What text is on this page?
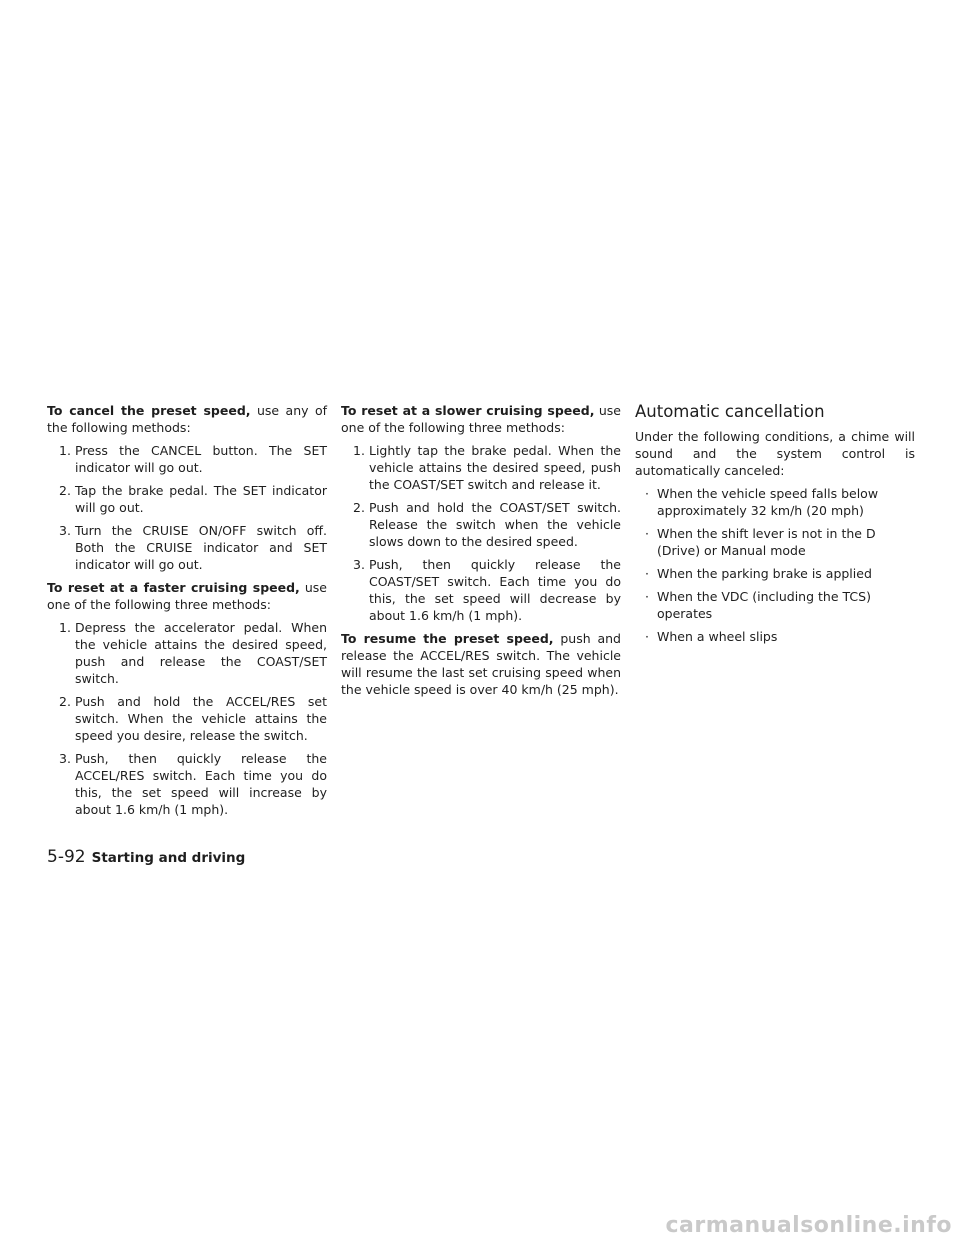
To cancel the preset speed, use any of the following methods:

1. Press the CANCEL button. The SET indicator will go out.
2. Tap the brake pedal. The SET indicator will go out.
3. Turn the CRUISE ON/OFF switch off. Both the CRUISE indicator and SET indicator will go out.

To reset at a faster cruising speed, use one of the following three methods:

1. Depress the accelerator pedal. When the vehicle attains the desired speed, push and release the COAST/SET switch.
2. Push and hold the ACCEL/RES set switch. When the vehicle attains the speed you desire, release the switch.
3. Push, then quickly release the ACCEL/RES switch. Each time you do this, the set speed will increase by about 1.6 km/h (1 mph).

To reset at a slower cruising speed, use one of the following three methods:

1. Lightly tap the brake pedal. When the vehicle attains the desired speed, push the COAST/SET switch and release it.
2. Push and hold the COAST/SET switch. Release the switch when the vehicle slows down to the desired speed.
3. Push, then quickly release the COAST/SET switch. Each time you do this, the set speed will decrease by about 1.6 km/h (1 mph).

To resume the preset speed, push and release the ACCEL/RES switch. The vehicle will resume the last set cruising speed when the vehicle speed is over 40 km/h (25 mph).

Automatic cancellation

Under the following conditions, a chime will sound and the system control is automatically canceled:

· When the vehicle speed falls below approximately 32 km/h (20 mph)
· When the shift lever is not in the D (Drive) or Manual mode
· When the parking brake is applied
· When the VDC (including the TCS) operates
· When a wheel slips
5-92 Starting and driving
carmanualsonline.info
